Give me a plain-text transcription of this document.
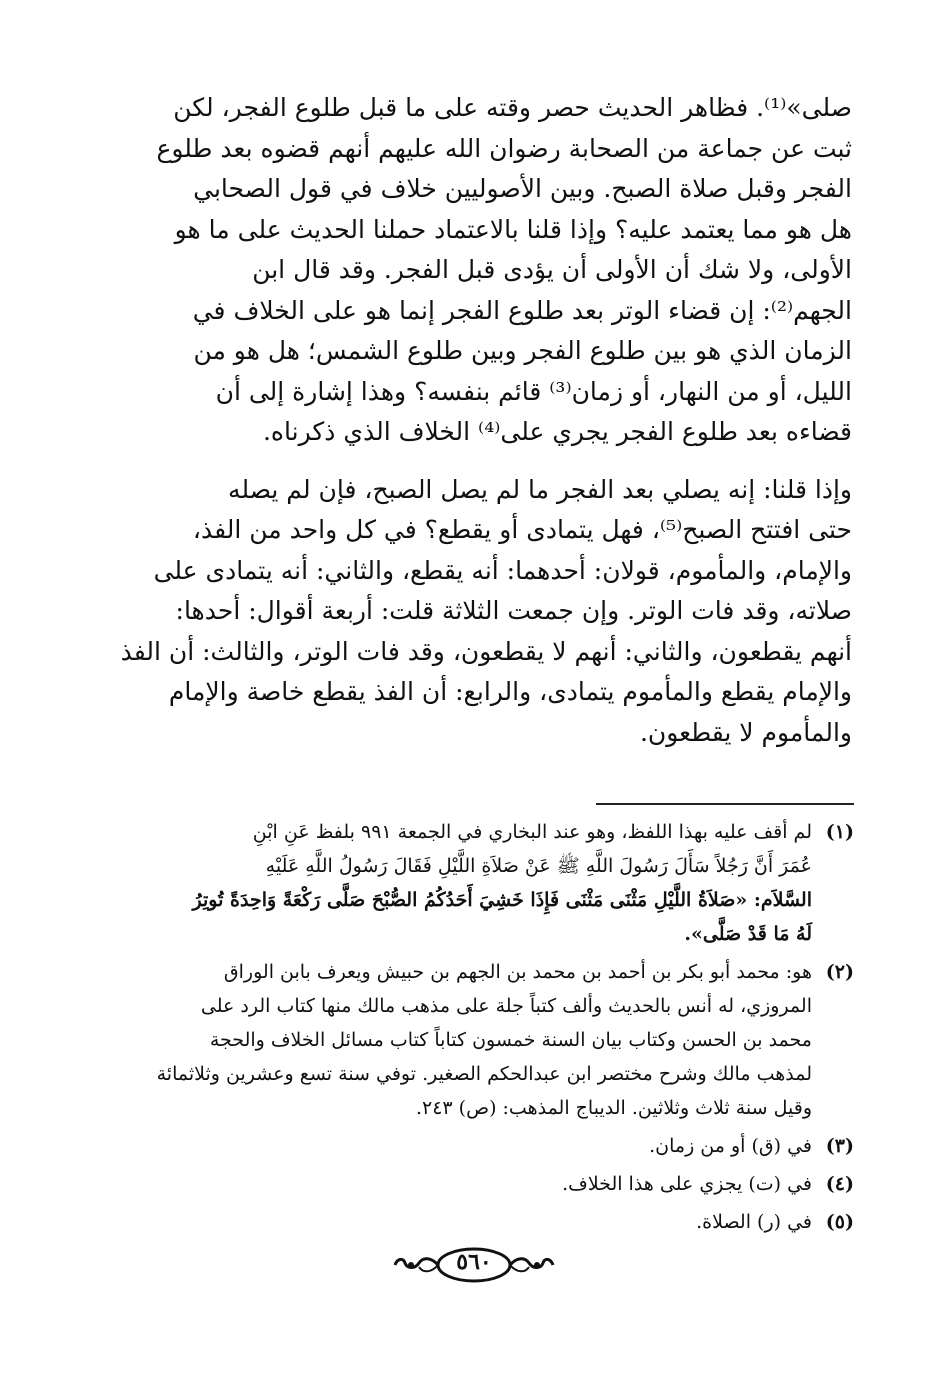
صلى»⁽¹⁾. فظاهر الحديث حصر وقته على ما قبل طلوع الفجر، لكن
ثبت عن جماعة من الصحابة رضوان الله عليهم أنهم قضوه بعد طلوع
الفجر وقبل صلاة الصبح. وبين الأصوليين خلاف في قول الصحابي
هل هو مما يعتمد عليه؟ وإذا قلنا بالاعتماد حملنا الحديث على ما هو
الأولى، ولا شك أن الأولى أن يؤدى قبل الفجر. وقد قال ابن
الجهم⁽²⁾: إن قضاء الوتر بعد طلوع الفجر إنما هو على الخلاف في
الزمان الذي هو بين طلوع الفجر وبين طلوع الشمس؛ هل هو من
الليل، أو من النهار، أو زمان⁽³⁾ قائم بنفسه؟ وهذا إشارة إلى أن
قضاءه بعد طلوع الفجر يجري على⁽⁴⁾ الخلاف الذي ذكرناه.
وإذا قلنا: إنه يصلي بعد الفجر ما لم يصل الصبح، فإن لم يصله
حتى افتتح الصبح⁽⁵⁾، فهل يتمادى أو يقطع؟ في كل واحد من الفذ،
والإمام، والمأموم، قولان: أحدهما: أنه يقطع، والثاني: أنه يتمادى على
صلاته، وقد فات الوتر. وإن جمعت الثلاثة قلت: أربعة أقوال: أحدها:
أنهم يقطعون، والثاني: أنهم لا يقطعون، وقد فات الوتر، والثالث: أن الفذ
والإمام يقطع والمأموم يتمادى، والرابع: أن الفذ يقطع خاصة والإمام
والمأموم لا يقطعون.
(١)
لم أقف عليه بهذا اللفظ، وهو عند البخاري في الجمعة ٩٩١ بلفظ عَنِ ابْنِ
عُمَرَ أَنَّ رَجُلاً سَأَلَ رَسُولَ اللَّهِ ﷺ عَنْ صَلاَةِ اللَّيْلِ فَقَالَ رَسُولُ اللَّهِ عَلَيْهِ
السَّلاَم: «صَلاَةُ اللَّيْلِ مَثْنَى مَثْنَى فَإِذَا خَشِيَ أَحَدُكُمُ الصُّبْحَ صَلَّى رَكْعَةً وَاحِدَةً تُوتِرُ
لَهُ مَا قَدْ صَلَّى».
(٢)
هو: محمد أبو بكر بن أحمد بن محمد بن الجهم بن حبيش ويعرف بابن الوراق
المروزي، له أنس بالحديث وألف كتباً جلة على مذهب مالك منها كتاب الرد على
محمد بن الحسن وكتاب بيان السنة خمسون كتاباً كتاب مسائل الخلاف والحجة
لمذهب مالك وشرح مختصر ابن عبدالحكم الصغير. توفي سنة تسع وعشرين وثلاثمائة
وقيل سنة ثلاث وثلاثين. الديباج المذهب: (ص) ٢٤٣.
(٣)
في (ق) أو من زمان.
(٤)
في (ت) يجزي على هذا الخلاف.
(٥)
في (ر) الصلاة.
٥٦٠
